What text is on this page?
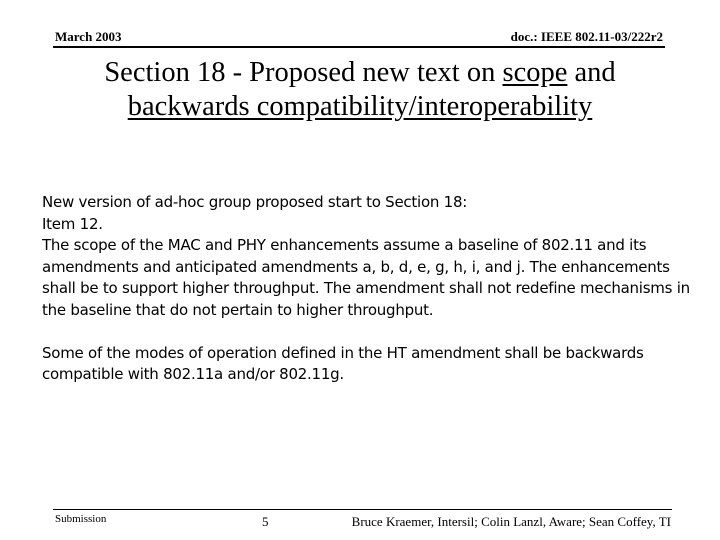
March 2003	doc.: IEEE 802.11-03/222r2
Section 18 - Proposed new text on scope and
backwards compatibility/interoperability

New version of ad-hoc group proposed start to Section 18:

Item 12.

The scope of the MAC and PHY enhancements assume a baseline of 802.11 and its amendments and anticipated amendments a, b, d, e, g, h, i, and j. The enhancements shall be to support higher throughput. The amendment shall not redefine mechanisms in the baseline that do not pertain to higher throughput.

Some of the modes of operation defined in the HT amendment shall be backwards compatible with 802.11a and/or 802.11g.

Submission	5	Bruce Kraemer, Intersil; Colin Lanzl, Aware; Sean Coffey, TI
